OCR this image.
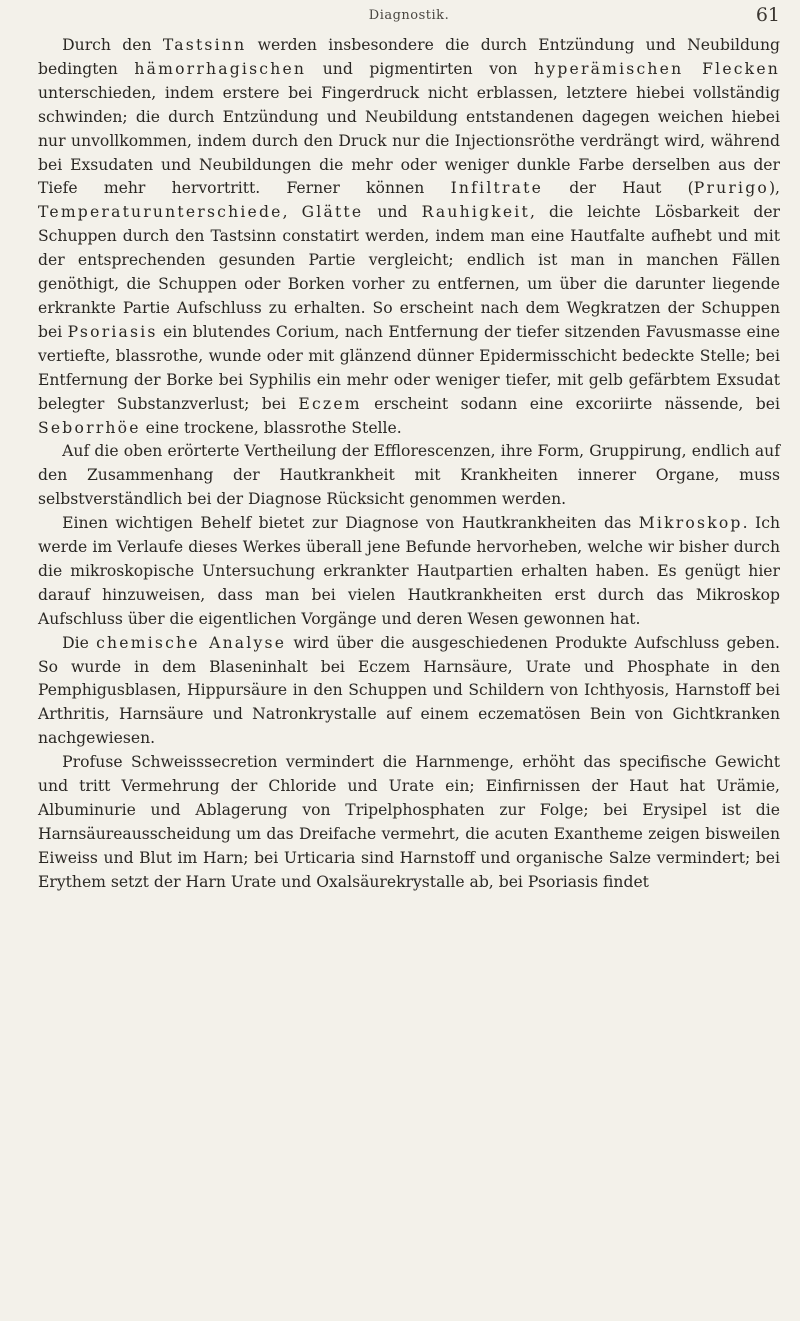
Diagnostik.	61

Durch den Tastsinn werden insbesondere die durch Entzündung und Neubildung bedingten hämorrhagischen und pigmentirten von hyperämischen Flecken unterschieden, indem erstere bei Fingerdruck nicht erblassen, letztere hiebei vollständig schwinden; die durch Entzündung und Neubildung entstandenen dagegen weichen hiebei nur unvollkommen, indem durch den Druck nur die Injectionsröthe verdrängt wird, während bei Exsudaten und Neubildungen die mehr oder weniger dunkle Farbe derselben aus der Tiefe mehr hervortritt. Ferner können Infiltrate der Haut (Prurigo), Temperaturunterschiede, Glätte und Rauhigkeit, die leichte Lösbarkeit der Schuppen durch den Tastsinn constatirt werden, indem man eine Hautfalte aufhebt und mit der entsprechenden gesunden Partie vergleicht; endlich ist man in manchen Fällen genöthigt, die Schuppen oder Borken vorher zu entfernen, um über die darunter liegende erkrankte Partie Aufschluss zu erhalten. So erscheint nach dem Wegkratzen der Schuppen bei Psoriasis ein blutendes Corium, nach Entfernung der tiefer sitzenden Favusmasse eine vertiefte, blassrothe, wunde oder mit glänzend dünner Epidermisschicht bedeckte Stelle; bei Entfernung der Borke bei Syphilis ein mehr oder weniger tiefer, mit gelb gefärbtem Exsudat belegter Substanzverlust; bei Eczem erscheint sodann eine excoriirte nässende, bei Seborrhöe eine trockene, blassrothe Stelle.

Auf die oben erörterte Vertheilung der Efflorescenzen, ihre Form, Gruppirung, endlich auf den Zusammenhang der Hautkrankheit mit Krankheiten innerer Organe, muss selbstverständlich bei der Diagnose Rücksicht genommen werden.

Einen wichtigen Behelf bietet zur Diagnose von Hautkrankheiten das Mikroskop. Ich werde im Verlaufe dieses Werkes überall jene Befunde hervorheben, welche wir bisher durch die mikroskopische Untersuchung erkrankter Hautpartien erhalten haben. Es genügt hier darauf hinzuweisen, dass man bei vielen Hautkrankheiten erst durch das Mikroskop Aufschluss über die eigentlichen Vorgänge und deren Wesen gewonnen hat.

Die chemische Analyse wird über die ausgeschiedenen Produkte Aufschluss geben. So wurde in dem Blaseninhalt bei Eczem Harnsäure, Urate und Phosphate in den Pemphigusblasen, Hippursäure in den Schuppen und Schildern von Ichthyosis, Harnstoff bei Arthritis, Harnsäure und Natronkrystalle auf einem eczematösen Bein von Gichtkranken nachgewiesen.

Profuse Schweisssecretion vermindert die Harnmenge, erhöht das specifische Gewicht und tritt Vermehrung der Chloride und Urate ein; Einfirnissen der Haut hat Urämie, Albuminurie und Ablagerung von Tripelphosphaten zur Folge; bei Erysipel ist die Harnsäureausscheidung um das Dreifache vermehrt, die acuten Exantheme zeigen bisweilen Eiweiss und Blut im Harn; bei Urticaria sind Harnstoff und organische Salze vermindert; bei Erythem setzt der Harn Urate und Oxalsäurekrystalle ab, bei Psoriasis findet
